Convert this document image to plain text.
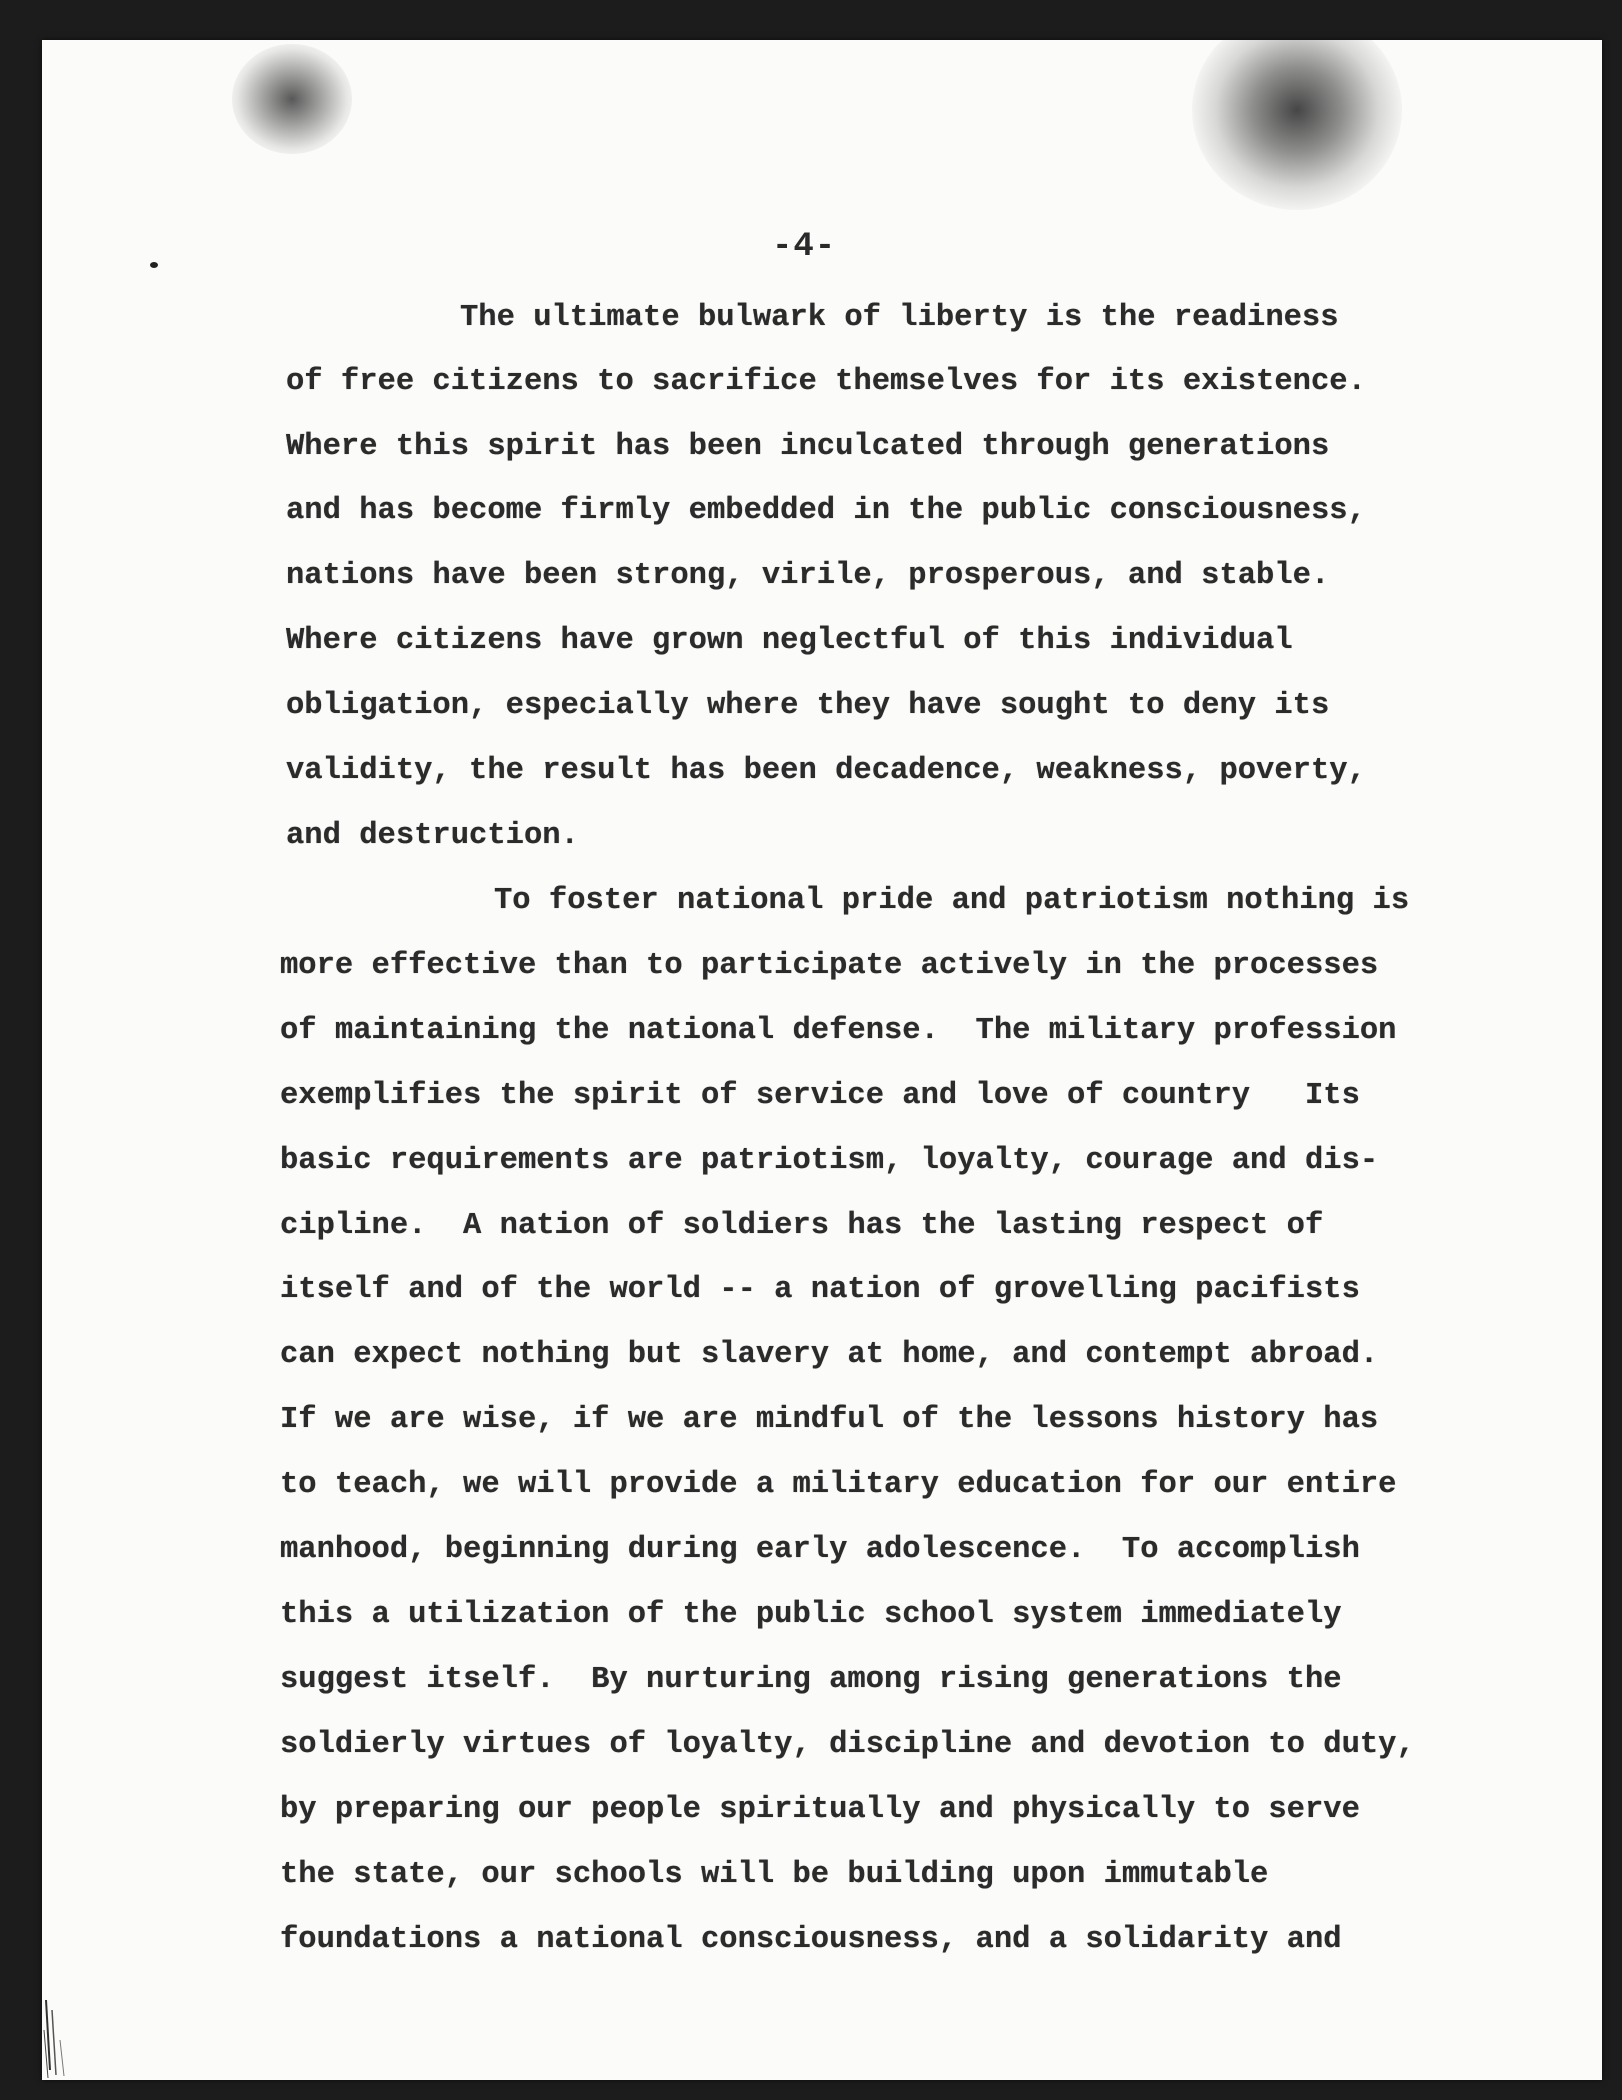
-4-
The ultimate bulwark of liberty is the readiness
of free citizens to sacrifice themselves for its existence.
Where this spirit has been inculcated through generations
and has become firmly embedded in the public consciousness,
nations have been strong, virile, prosperous, and stable.
Where citizens have grown neglectful of this individual
obligation, especially where they have sought to deny its
validity, the result has been decadence, weakness, poverty,
and destruction.
To foster national pride and patriotism nothing is
more effective than to participate actively in the processes
of maintaining the national defense.  The military profession
exemplifies the spirit of service and love of country   Its
basic requirements are patriotism, loyalty, courage and dis-
cipline.  A nation of soldiers has the lasting respect of
itself and of the world -- a nation of grovelling pacifists
can expect nothing but slavery at home, and contempt abroad.
If we are wise, if we are mindful of the lessons history has
to teach, we will provide a military education for our entire
manhood, beginning during early adolescence.  To accomplish
this a utilization of the public school system immediately
suggest itself.  By nurturing among rising generations the
soldierly virtues of loyalty, discipline and devotion to duty,
by preparing our people spiritually and physically to serve
the state, our schools will be building upon immutable
foundations a national consciousness, and a solidarity and
